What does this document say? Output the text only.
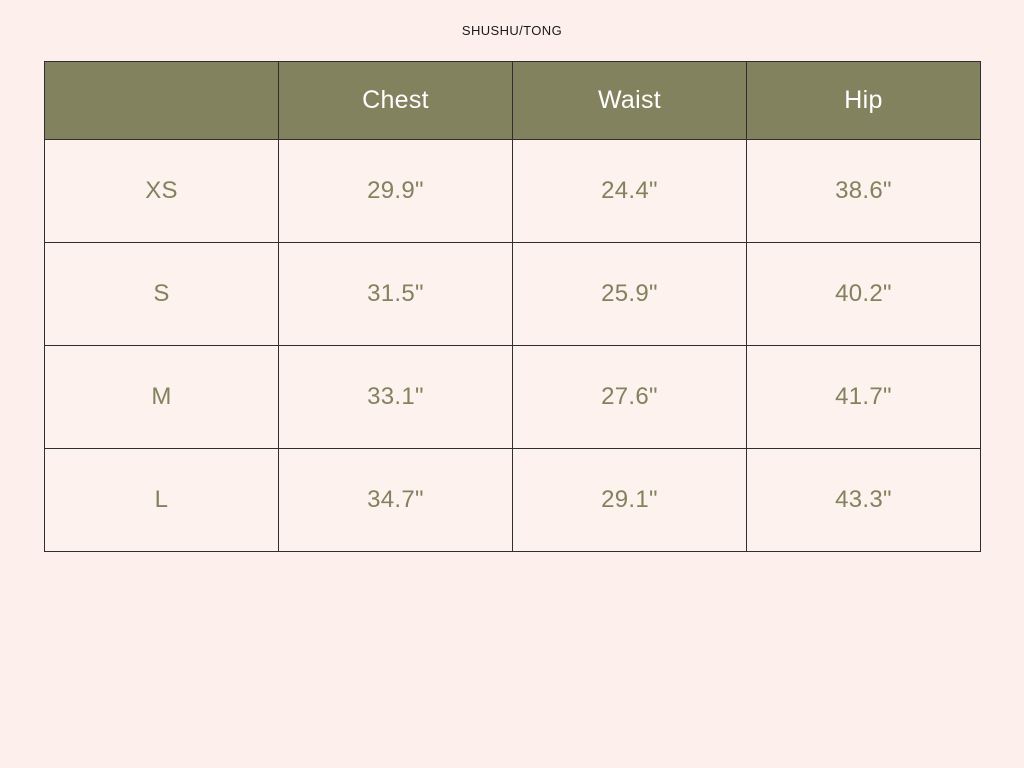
SHUSHU/TONG
	Chest	Waist	Hip
XS	29.9"	24.4"	38.6"
S	31.5"	25.9"	40.2"
M	33.1"	27.6"	41.7"
L	34.7"	29.1"	43.3"
